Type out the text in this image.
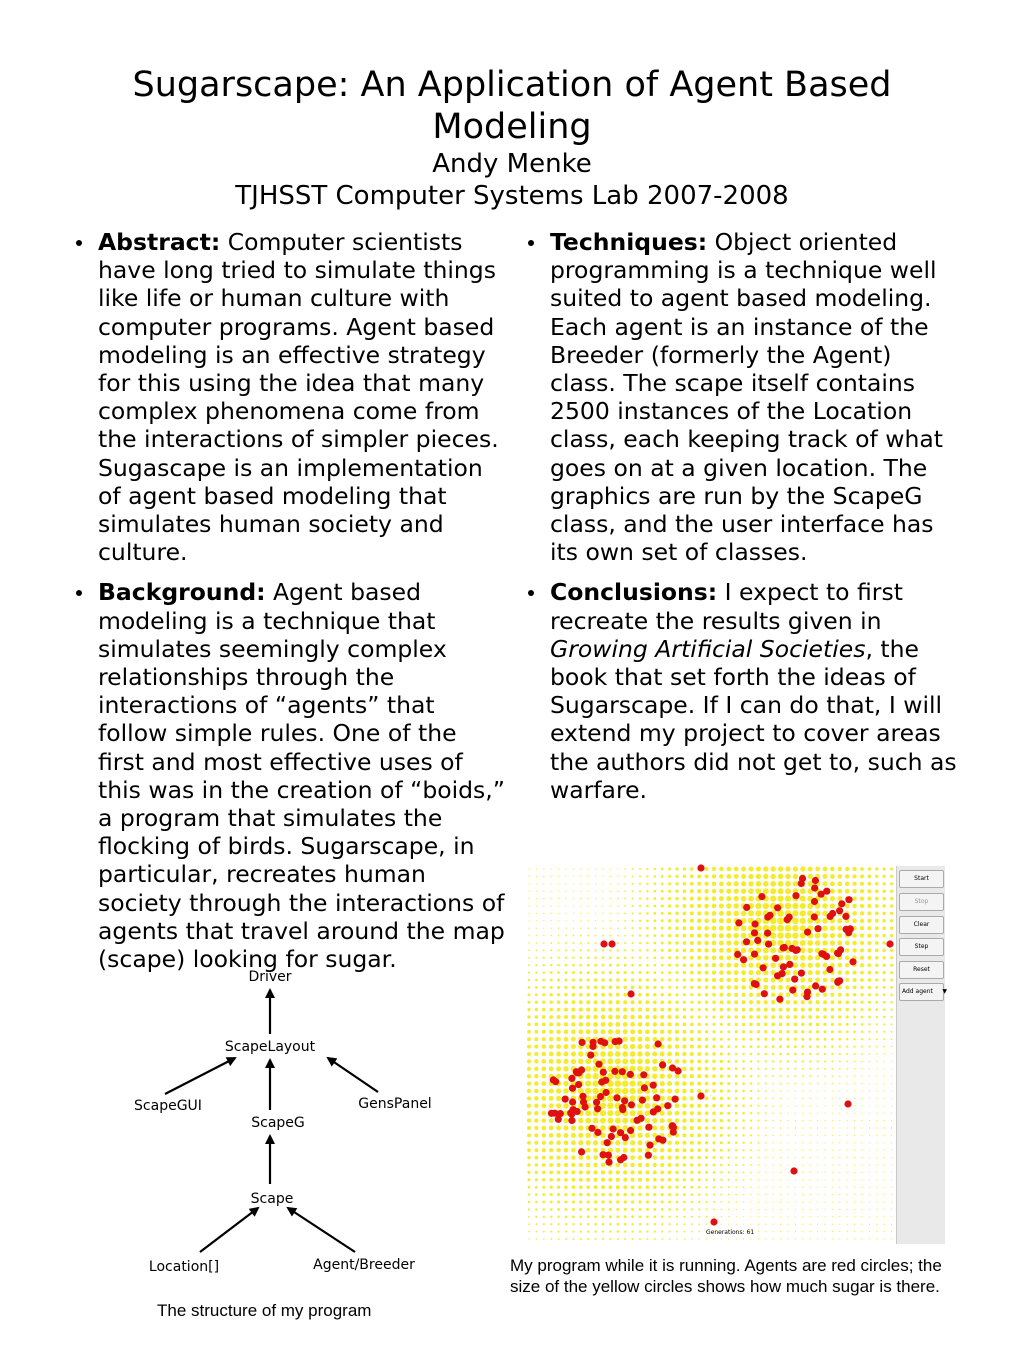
Sugarscape: An Application of Agent Based
Modeling

Andy Menke

TJHSST Computer Systems Lab 2007-2008

Abstract: Computer scientists have long tried to simulate things like life or human culture with computer programs. Agent based modeling is an effective strategy for this using the idea that many complex phenomena come from the interactions of simpler pieces. Sugascape is an implementation of agent based modeling that simulates human society and culture.
Background: Agent based modeling is a technique that simulates seemingly complex relationships through the interactions of “agents” that follow simple rules. One of the first and most effective uses of this was in the creation of “boids,” a program that simulates the flocking of birds. Sugarscape, in particular, recreates human society through the interactions of agents that travel around the map (scape) looking for sugar.
Techniques: Object oriented programming is a technique well suited to agent based modeling. Each agent is an instance of the Breeder (formerly the Agent) class. The scape itself contains 2500 instances of the Location class, each keeping track of what goes on at a given location. The graphics are run by the ScapeG class, and the user interface has its own set of classes.
Conclusions: I expect to first recreate the results given in Growing Artificial Societies, the book that set forth the ideas of Sugarscape. If I can do that, I will extend my project to cover areas the authors did not get to, such as warfare.
Driver
ScapeLayout
ScapeGUI	GensPanel
ScapeG
Scape
Location[]	Agent/Breeder
The structure of my program
Start
Stop
Clear
Step
Reset
Add agent ▼
Generations: 61
My program while it is running. Agents are red circles; the size of the yellow circles shows how much sugar is there.
